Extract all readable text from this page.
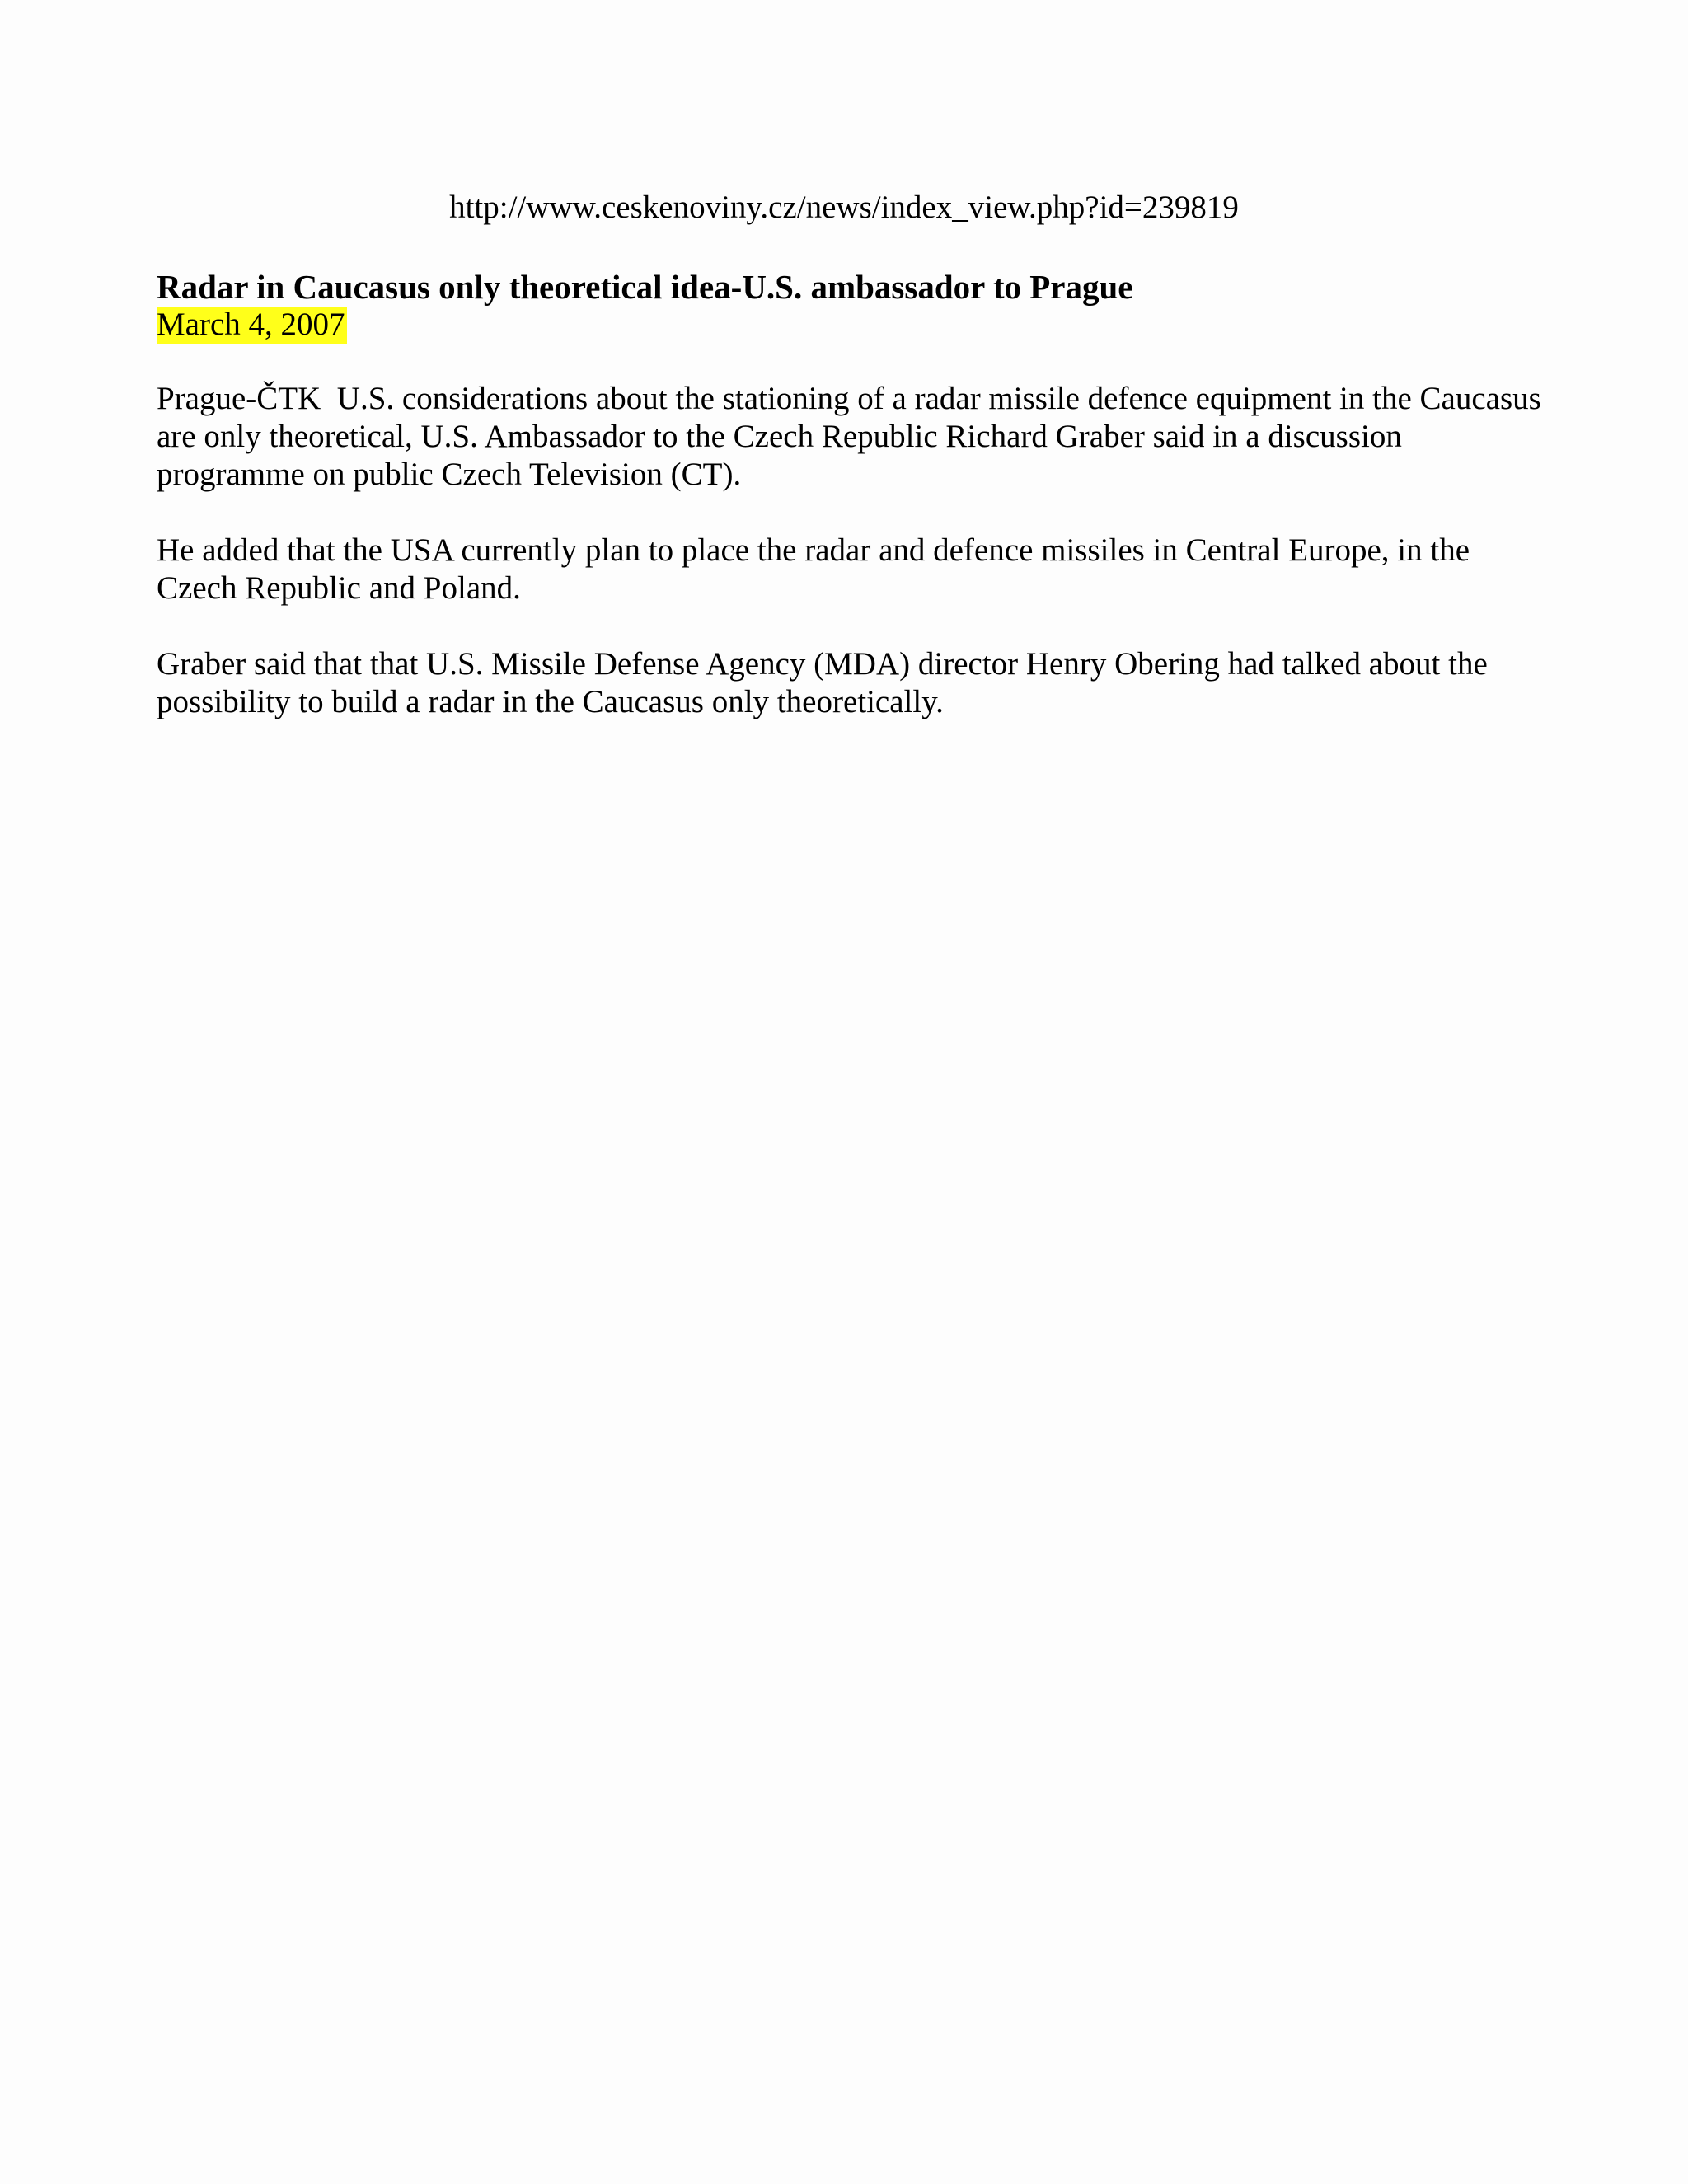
http://www.ceskenoviny.cz/news/index_view.php?id=239819
Radar in Caucasus only theoretical idea-U.S. ambassador to Prague
March 4, 2007

Prague-ČTK  U.S. considerations about the stationing of a radar missile defence equipment in the Caucasus are only theoretical, U.S. Ambassador to the Czech Republic Richard Graber said in a discussion programme on public Czech Television (CT).

He added that the USA currently plan to place the radar and defence missiles in Central Europe, in the Czech Republic and Poland.

Graber said that that U.S. Missile Defense Agency (MDA) director Henry Obering had talked about the possibility to build a radar in the Caucasus only theoretically.
